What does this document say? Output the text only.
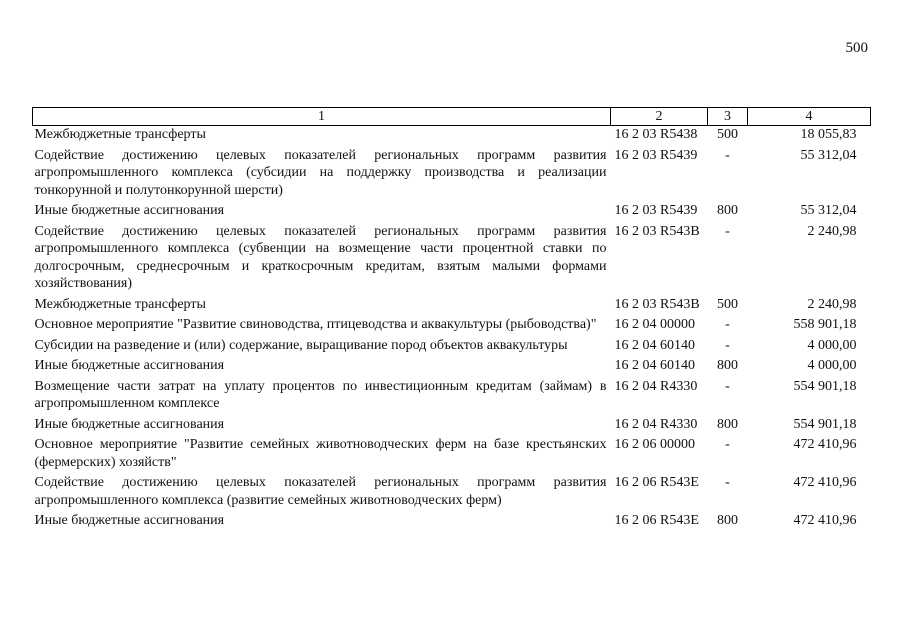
500
1	2	3	4
Межбюджетные трансферты	16 2 03 R5438	500	18 055,83
Содействие достижению целевых показателей региональных программ развития агропромышленного комплекса (субсидии на поддержку производства и реализации тонкорунной и полутонкорунной шерсти)	16 2 03 R5439	-	55 312,04
Иные бюджетные ассигнования	16 2 03 R5439	800	55 312,04
Содействие достижению целевых показателей региональных программ развития агропромышленного комплекса (субвенции на возмещение части процентной ставки по долгосрочным, среднесрочным и краткосрочным кредитам, взятым малыми формами хозяйствования)	16 2 03 R543B	-	2 240,98
Межбюджетные трансферты	16 2 03 R543B	500	2 240,98
Основное мероприятие "Развитие свиноводства, птицеводства и аквакультуры (рыбоводства)"	16 2 04 00000	-	558 901,18
Субсидии на разведение и (или) содержание, выращивание пород объектов аквакультуры	16 2 04 60140	-	4 000,00
Иные бюджетные ассигнования	16 2 04 60140	800	4 000,00
Возмещение части затрат на уплату процентов по инвестиционным кредитам (займам) в агропромышленном комплексе	16 2 04 R4330	-	554 901,18
Иные бюджетные ассигнования	16 2 04 R4330	800	554 901,18
Основное мероприятие "Развитие семейных животноводческих ферм на базе крестьянских (фермерских) хозяйств"	16 2 06 00000	-	472 410,96
Содействие достижению целевых показателей региональных программ развития агропромышленного комплекса (развитие семейных животноводческих ферм)	16 2 06 R543E	-	472 410,96
Иные бюджетные ассигнования	16 2 06 R543E	800	472 410,96
